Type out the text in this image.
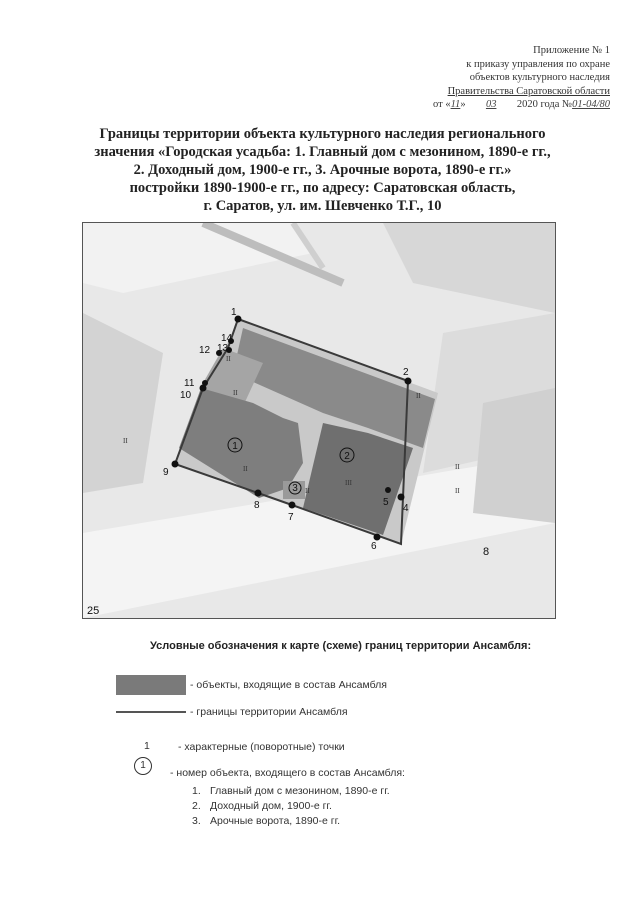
Приложение № 1
к приказу управления по охране
объектов культурного наследия
Правительства Саратовской области
от «11» 03 2020 года №01-04/80
Границы территории объекта культурного наследия регионального
значения «Городская усадьба: 1. Главный дом с мезонином, 1890-е гг.,
2. Доходный дом, 1900-е гг., 3. Арочные ворота, 1890-е гг.»
постройки 1890-1900-е гг., по адресу: Саратовская область,
г. Саратов, ул. им. Шевченко Т.Г., 10
1
2
4
5
6
7
8
9
10
11
12 13
14
1
2
3
II
II
II
II
II
III
II
II
II
8
25
Условные обозначения к карте (схеме) границ территории Ансамбля:
- объекты, входящие в состав Ансамбля
- границы территории Ансамбля
1	- характерные (поворотные) точки
1
- номер объекта, входящего в состав Ансамбля:
1. Главный дом с мезонином, 1890-е гг.
2. Доходный дом, 1900-е гг.
3. Арочные ворота, 1890-е гг.
